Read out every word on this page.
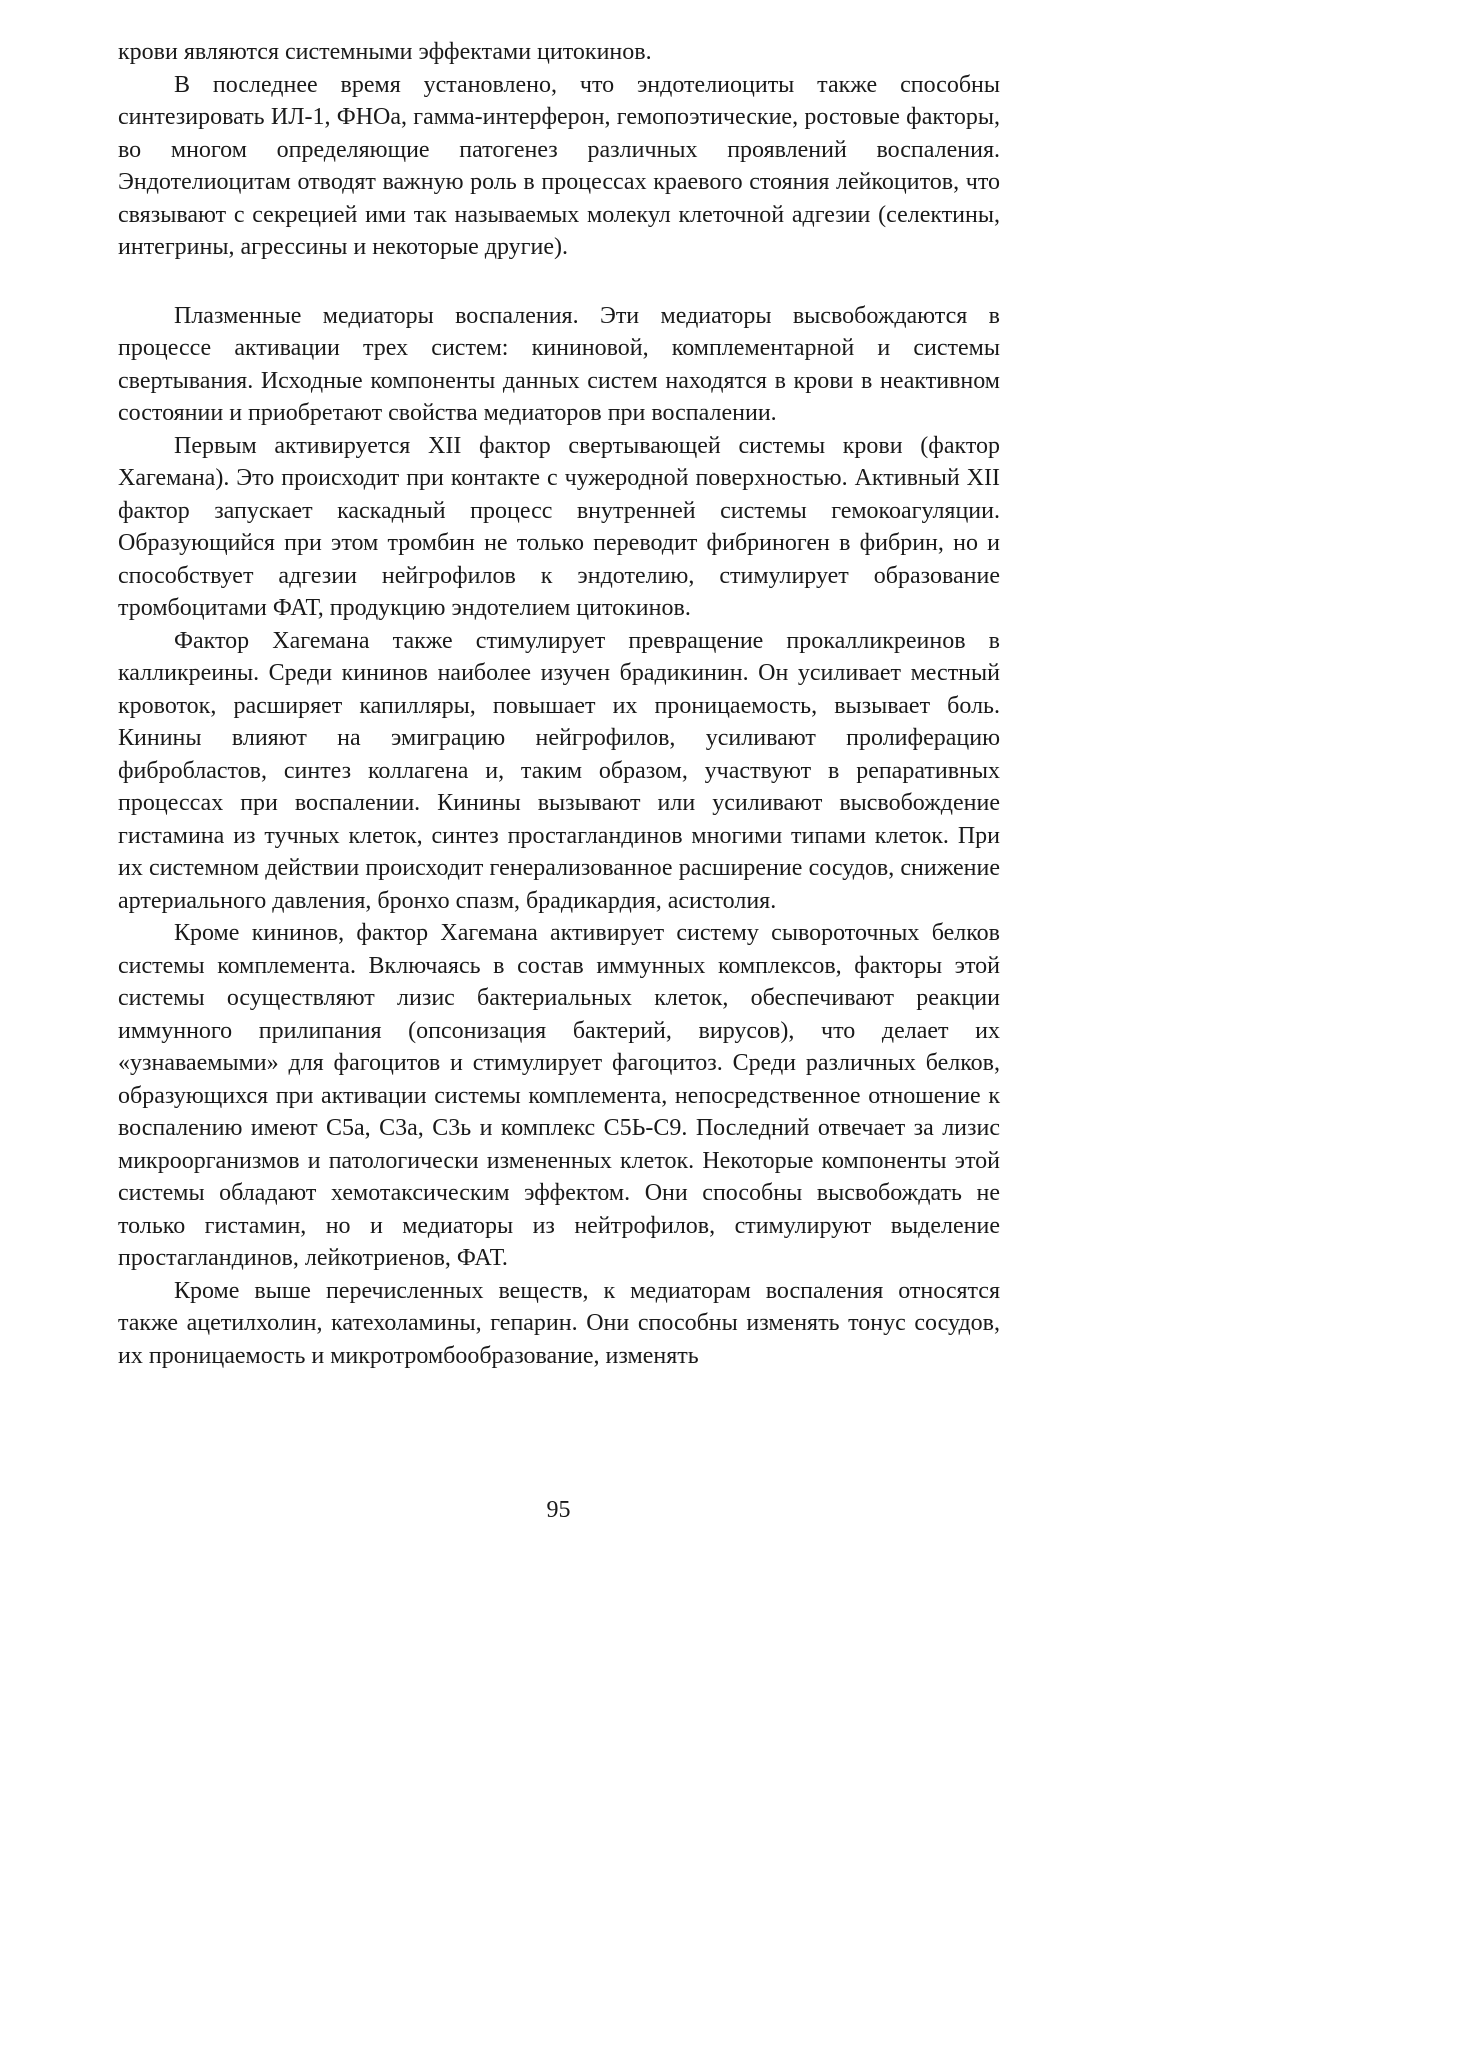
крови являются системными эффектами цитокинов.

В последнее время установлено, что эндотелиоциты также способны синтезировать ИЛ-1, ФНОа, гамма-интерферон, гемопоэтические, ростовые факторы, во многом определяющие патогенез различных проявлений воспаления. Эндотелиоцитам отводят важную роль в процессах краевого стояния лейкоцитов, что связывают с секрецией ими так называемых молекул клеточной адгезии (селектины, интегрины, агрессины и некоторые другие).

Плазменные медиаторы воспаления. Эти медиаторы высвобождаются в процессе активации трех систем: кининовой, комплементарной и системы свертывания. Исходные компоненты данных систем находятся в крови в неактивном состоянии и приобретают свойства медиаторов при воспалении.

Первым активируется XII фактор свертывающей системы крови (фактор Хагемана). Это происходит при контакте с чужеродной поверхностью. Активный XII фактор запускает каскадный процесс внутренней системы гемокоагуляции. Образующийся при этом тромбин не только переводит фибриноген в фибрин, но и способствует адгезии нейгрофилов к эндотелию, стимулирует образование тромбоцитами ФАТ, продукцию эндотелием цитокинов.

Фактор Хагемана также стимулирует превращение прокалликреинов в калликреины. Среди кининов наиболее изучен брадикинин. Он усиливает местный кровоток, расширяет капилляры, повышает их проницаемость, вызывает боль. Кинины влияют на эмиграцию нейгрофилов, усиливают пролиферацию фибробластов, синтез коллагена и, таким образом, участвуют в репаративных процессах при воспалении. Кинины вызывают или усиливают высвобождение гистамина из тучных клеток, синтез простагландинов многими типами клеток. При их системном действии происходит генерализованное расширение сосудов, снижение артериального давления, бронхо спазм, брадикардия, асистолия.

Кроме кининов, фактор Хагемана активирует систему сывороточных белков системы комплемента. Включаясь в состав иммунных комплексов, факторы этой системы осуществляют лизис бактериальных клеток, обеспечивают реакции иммунного прилипания (опсонизация бактерий, вирусов), что делает их «узнаваемыми» для фагоцитов и стимулирует фагоцитоз. Среди различных белков, образующихся при активации системы комплемента, непосредственное отношение к воспалению имеют С5а, С3а, С3ь и комплекс С5Ь-С9. Последний отвечает за лизис микроорганизмов и патологически измененных клеток. Некоторые компоненты этой системы обладают хемотаксическим эффектом. Они способны высвобождать не только гистамин, но и медиаторы из нейтрофилов, стимулируют выделение простагландинов, лейкотриенов, ФАТ.

Кроме выше перечисленных веществ, к медиаторам воспаления относятся также ацетилхолин, катехоламины, гепарин. Они способны изменять тонус сосудов, их проницаемость и микротромбообразование, изменять

95
